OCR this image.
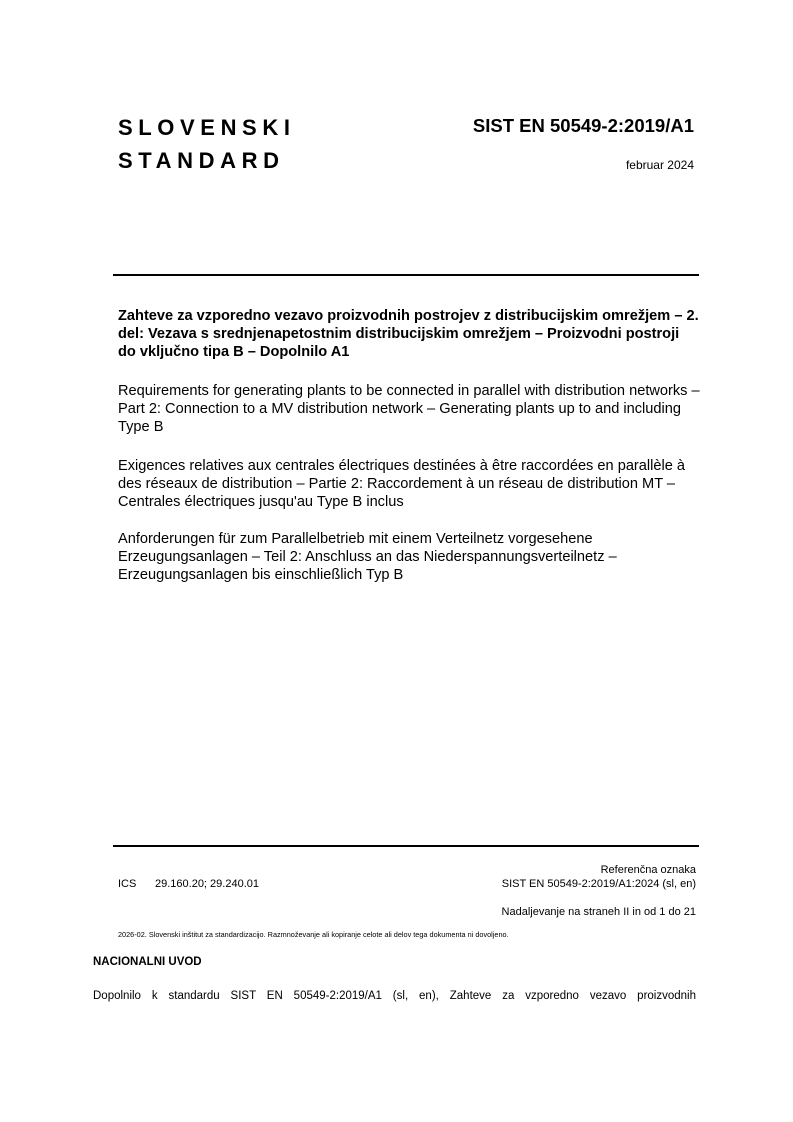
SLOVENSKI
STANDARD
SIST EN 50549-2:2019/A1
februar 2024
Zahteve za vzporedno vezavo proizvodnih postrojev z distribucijskim omrežjem – 2. del: Vezava s srednjenapetostnim distribucijskim omrežjem – Proizvodni postroji do vključno tipa B – Dopolnilo A1
Requirements for generating plants to be connected in parallel with distribution networks – Part 2: Connection to a MV distribution network – Generating plants up to and including Type B
Exigences relatives aux centrales électriques destinées à être raccordées en parallèle à des réseaux de distribution – Partie 2: Raccordement à un réseau de distribution MT – Centrales électriques jusqu'au Type B inclus
Anforderungen für zum Parallelbetrieb mit einem Verteilnetz vorgesehene Erzeugungsanlagen – Teil 2: Anschluss an das Niederspannungsverteilnetz – Erzeugungsanlagen bis einschließlich Typ B
Referenčna oznaka
ICS 29.160.20; 29.240.01	SIST EN 50549-2:2019/A1:2024 (sl, en)
Nadaljevanje na straneh II in od 1 do 21
2026-02. Slovenski inštitut za standardizacijo. Razmnoževanje ali kopiranje celote ali delov tega dokumenta ni dovoljeno.
NACIONALNI UVOD
Dopolnilo k standardu SIST EN 50549-2:2019/A1 (sl, en), Zahteve za vzporedno vezavo proizvodnih
